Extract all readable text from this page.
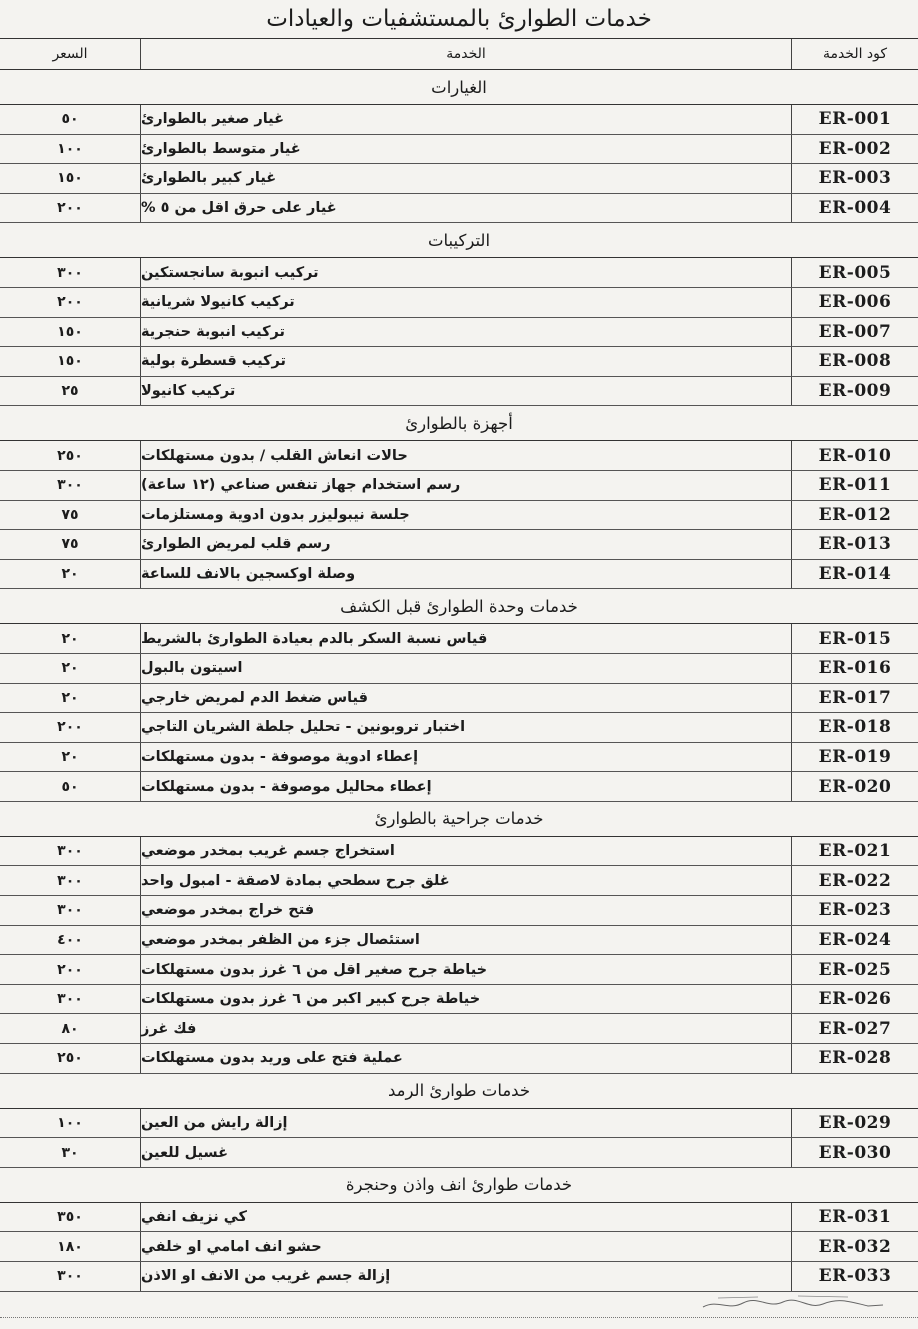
خدمات الطوارئ بالمستشفيات والعيادات
السعر	الخدمة	كود الخدمة
الغيارات
٥٠	غيار صغير بالطوارئ	ER-001
١٠٠	غيار متوسط بالطوارئ	ER-002
١٥٠	غيار كبير بالطوارئ	ER-003
٢٠٠	غيار على حرق اقل من ٥ %	ER-004
التركيبات
٣٠٠	تركيب انبوبة سانجستكين	ER-005
٢٠٠	تركيب كانيولا شريانية	ER-006
١٥٠	تركيب انبوبة حنجرية	ER-007
١٥٠	تركيب قسطرة بولية	ER-008
٢٥	تركيب كانيولا	ER-009
أجهزة بالطوارئ
٢٥٠	حالات انعاش القلب / بدون مستهلكات	ER-010
٣٠٠	رسم استخدام جهاز تنفس صناعي (١٢ ساعة)	ER-011
٧٥	جلسة نيبوليزر بدون ادوية ومستلزمات	ER-012
٧٥	رسم قلب لمريض الطوارئ	ER-013
٢٠	وصلة اوكسجين بالانف للساعة	ER-014
خدمات وحدة الطوارئ قبل الكشف
٢٠	قياس نسبة السكر بالدم بعيادة الطوارئ بالشريط	ER-015
٢٠	اسيتون بالبول	ER-016
٢٠	قياس ضغط الدم لمريض خارجي	ER-017
٢٠٠	اختبار تروبونين - تحليل جلطة الشريان التاجي	ER-018
٢٠	إعطاء ادوية موصوفة - بدون مستهلكات	ER-019
٥٠	إعطاء محاليل موصوفة - بدون مستهلكات	ER-020
خدمات جراحية بالطوارئ
٣٠٠	استخراج جسم غريب بمخدر موضعي	ER-021
٣٠٠	غلق جرح سطحي بمادة لاصقة - امبول واحد	ER-022
٣٠٠	فتح خراج بمخدر موضعي	ER-023
٤٠٠	استئصال جزء من الظفر بمخدر موضعي	ER-024
٢٠٠	خياطة جرح صغير اقل من ٦ غرز بدون مستهلكات	ER-025
٣٠٠	خياطة جرح كبير اكبر من ٦ غرز بدون مستهلكات	ER-026
٨٠	فك غرز	ER-027
٢٥٠	عملية فتح على وريد بدون مستهلكات	ER-028
خدمات طوارئ الرمد
١٠٠	إزالة رايش من العين	ER-029
٣٠	غسيل للعين	ER-030
خدمات طوارئ انف واذن وحنجرة
٣٥٠	كي نزيف انفي	ER-031
١٨٠	حشو انف امامي او خلفي	ER-032
٣٠٠	إزالة جسم غريب من الانف او الاذن	ER-033
